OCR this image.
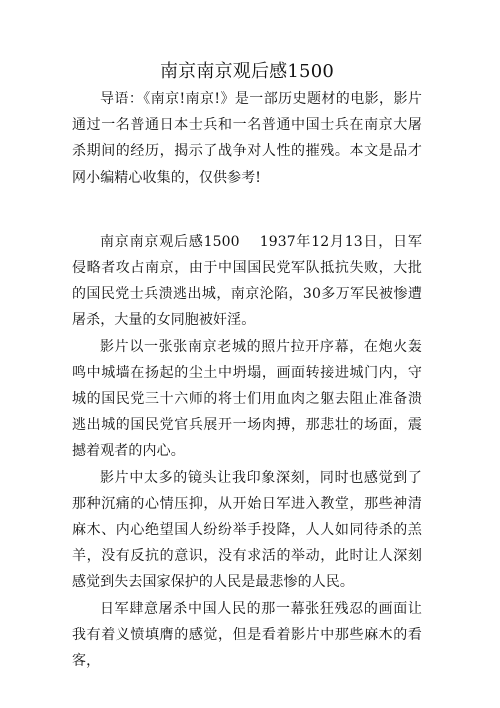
南京南京观后感1500

导语：《南京!南京!》是一部历史题材的电影，影片通过一名普通日本士兵和一名普通中国士兵在南京大屠杀期间的经历，揭示了战争对人性的摧残。本文是品才网小编精心收集的，仅供参考!

南京南京观后感1500 1937年12月13日，日军侵略者攻占南京，由于中国国民党军队抵抗失败，大批的国民党士兵溃逃出城，南京沦陷，30多万军民被惨遭屠杀，大量的女同胞被奸淫。

影片以一张张南京老城的照片拉开序幕，在炮火轰鸣中城墙在扬起的尘土中坍塌，画面转接进城门内，守城的国民党三十六师的将士们用血肉之躯去阻止准备溃逃出城的国民党官兵展开一场肉搏，那悲壮的场面，震撼着观者的内心。

影片中太多的镜头让我印象深刻，同时也感觉到了那种沉痛的心情压抑，从开始日军进入教堂，那些神清麻木、内心绝望国人纷纷举手投降，人人如同待杀的羔羊，没有反抗的意识，没有求活的举动，此时让人深刻感觉到失去国家保护的人民是最悲惨的人民。

日军肆意屠杀中国人民的那一幕张狂残忍的画面让我有着义愤填膺的感觉，但是看着影片中那些麻木的看客，
